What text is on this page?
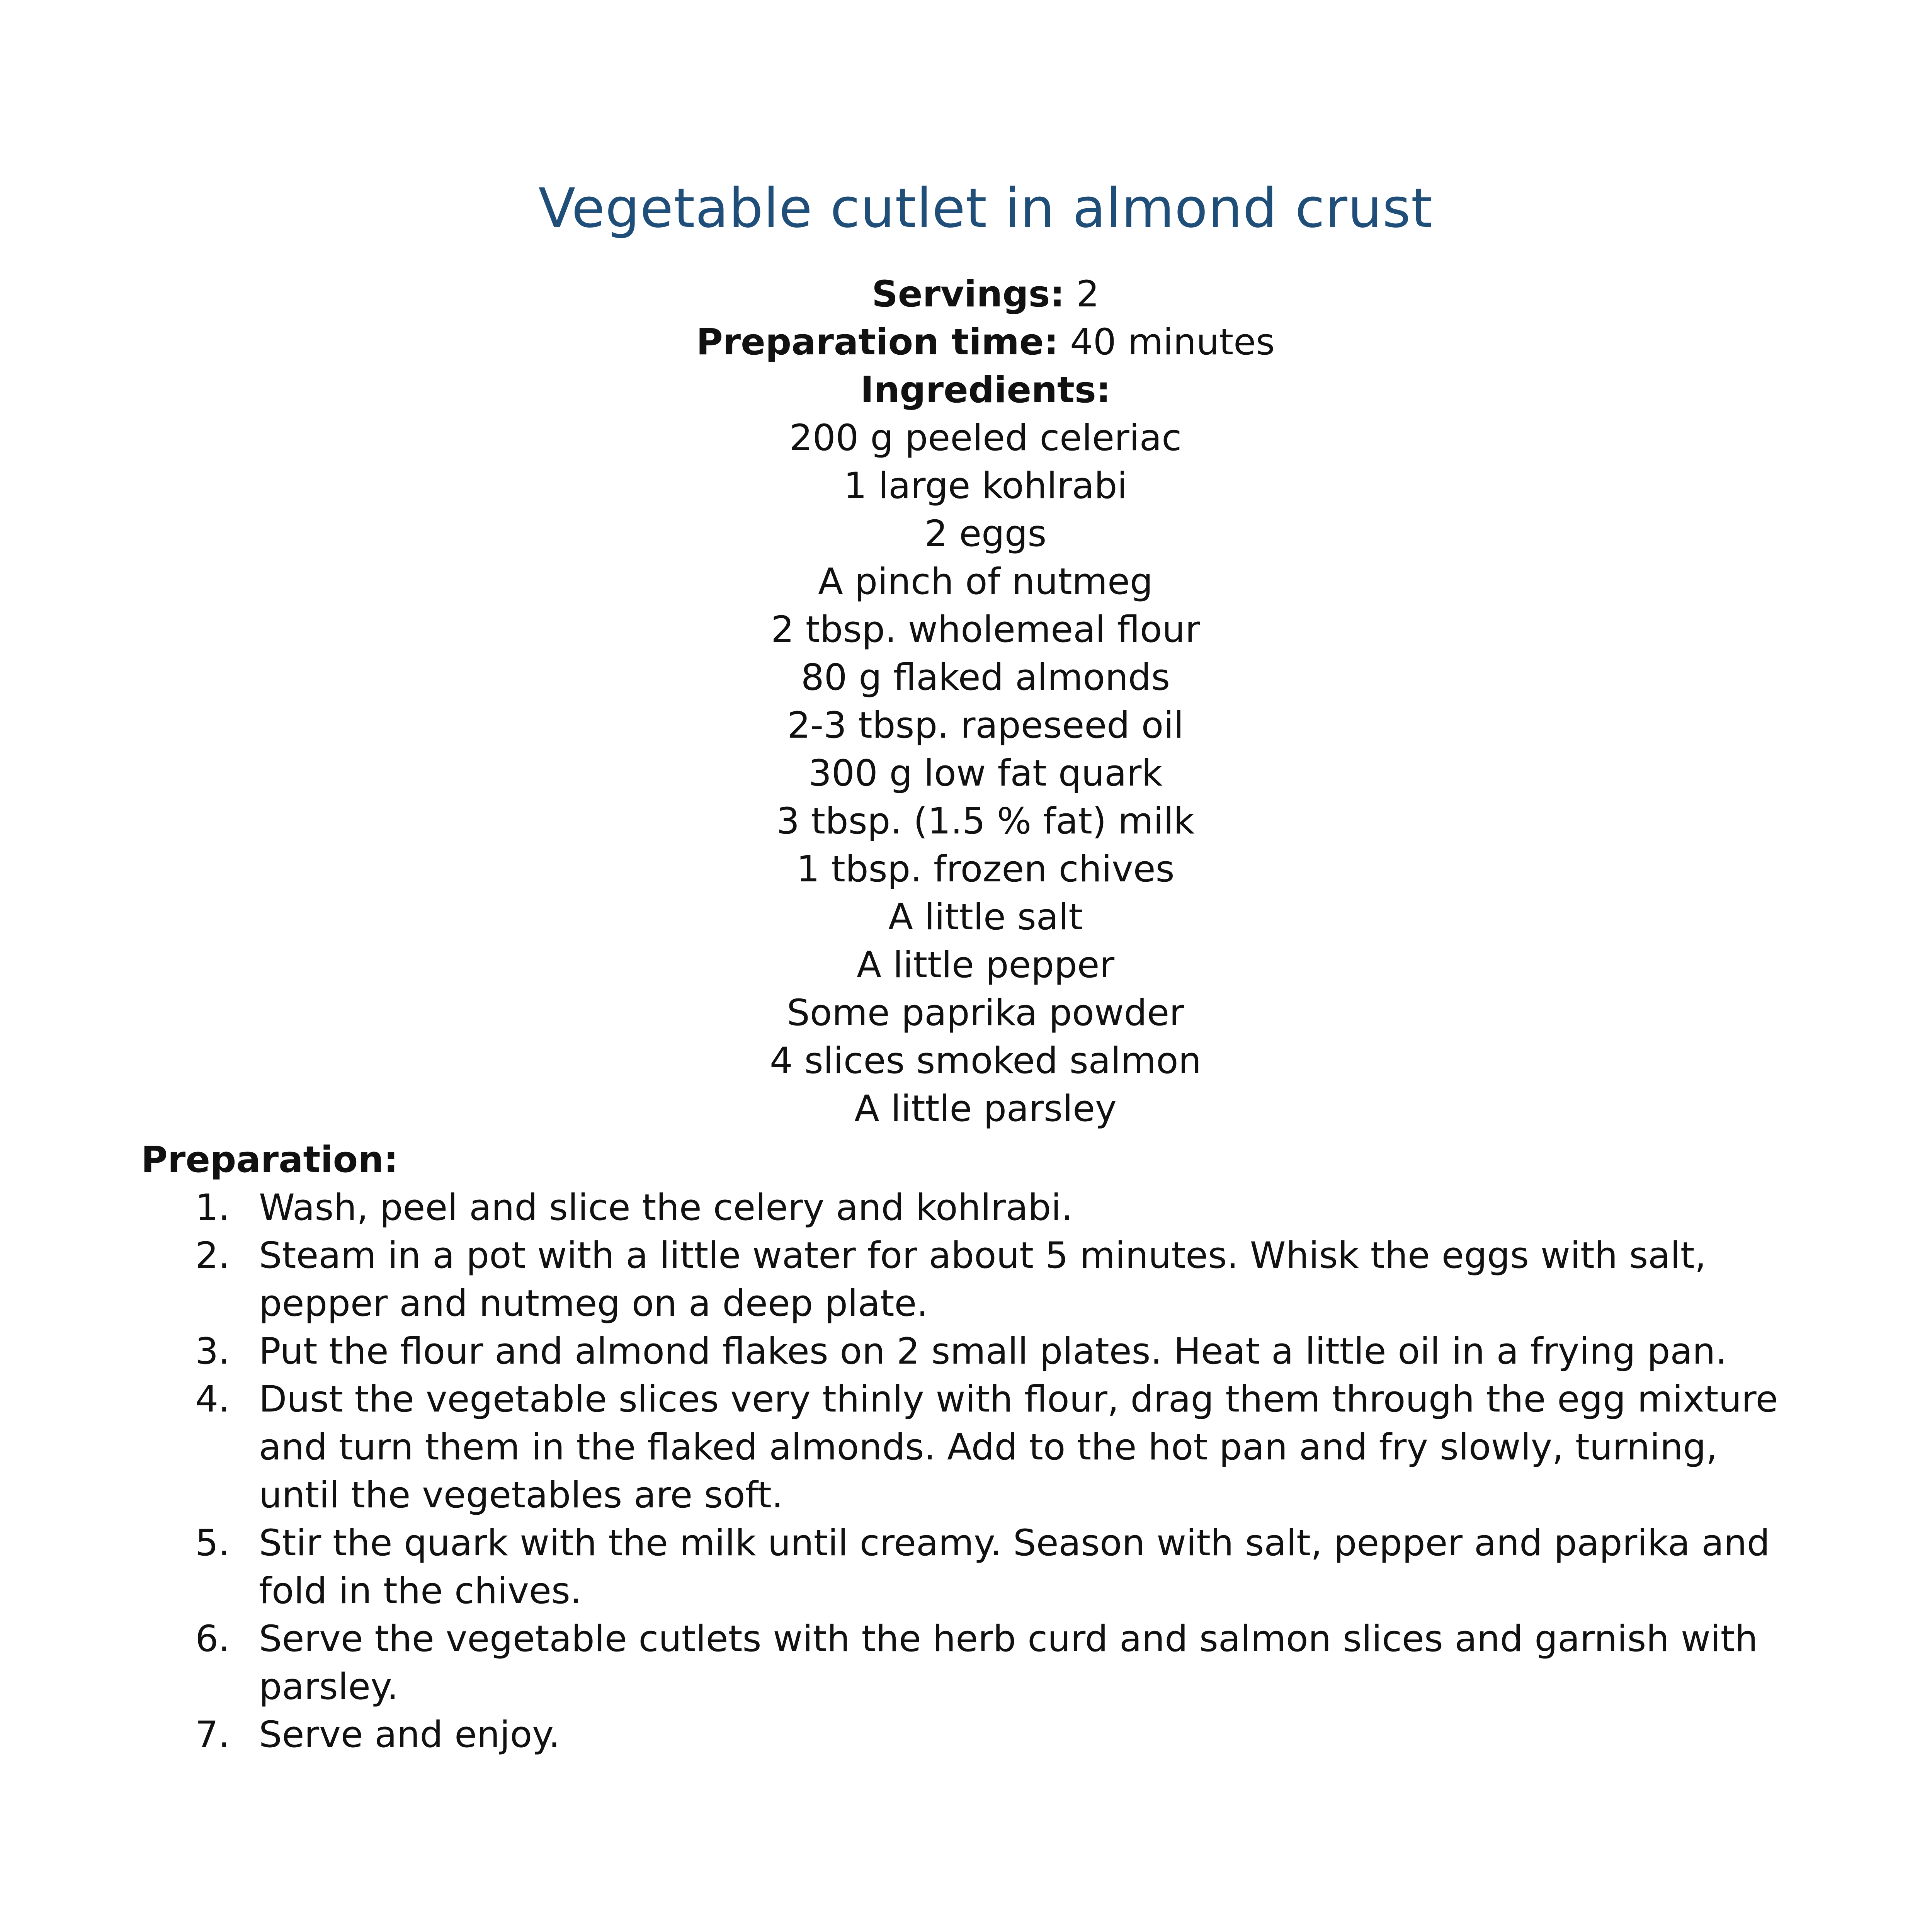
Vegetable cutlet in almond crust

Servings: 2

Preparation time: 40 minutes

Ingredients:

200 g peeled celeriac
1 large kohlrabi
2 eggs
A pinch of nutmeg
2 tbsp. wholemeal flour
80 g flaked almonds
2-3 tbsp. rapeseed oil
300 g low fat quark
3 tbsp. (1.5 % fat) milk
1 tbsp. frozen chives
A little salt
A little pepper
Some paprika powder
4 slices smoked salmon
A little parsley

Preparation:

1. Wash, peel and slice the celery and kohlrabi.
2. Steam in a pot with a little water for about 5 minutes. Whisk the eggs with salt, pepper and nutmeg on a deep plate.
3. Put the flour and almond flakes on 2 small plates. Heat a little oil in a frying pan.
4. Dust the vegetable slices very thinly with flour, drag them through the egg mixture and turn them in the flaked almonds. Add to the hot pan and fry slowly, turning, until the vegetables are soft.
5. Stir the quark with the milk until creamy. Season with salt, pepper and paprika and fold in the chives.
6. Serve the vegetable cutlets with the herb curd and salmon slices and garnish with parsley.
7. Serve and enjoy.
